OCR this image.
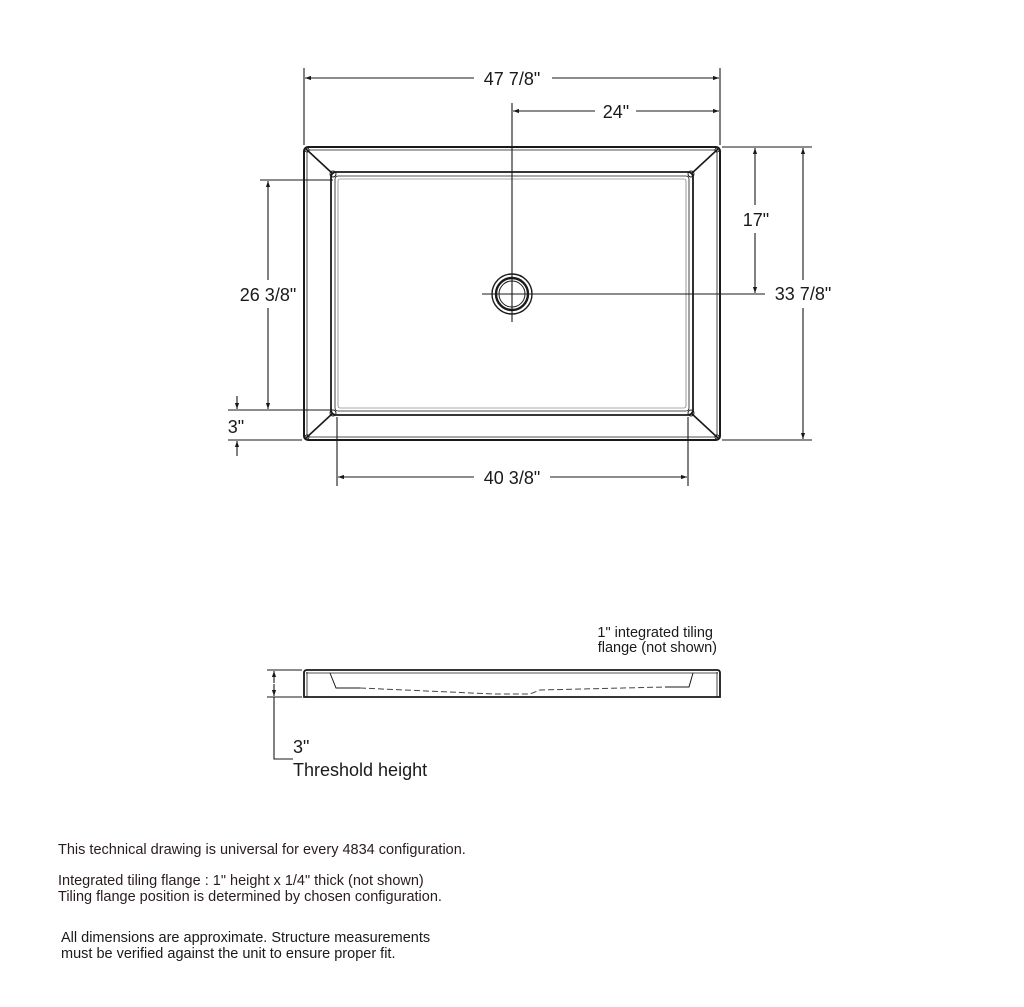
47 7/8"
24"
17"
33 7/8"
26 3/8"
3"
40 3/8"
1" integrated tiling
flange (not shown)
3"
Threshold height
This technical drawing is universal for every 4834 configuration.
Integrated tiling flange : 1" height x 1/4" thick (not shown)
Tiling flange position is determined by chosen configuration.
All dimensions are approximate. Structure measurements
must be verified against the unit to ensure proper fit.
